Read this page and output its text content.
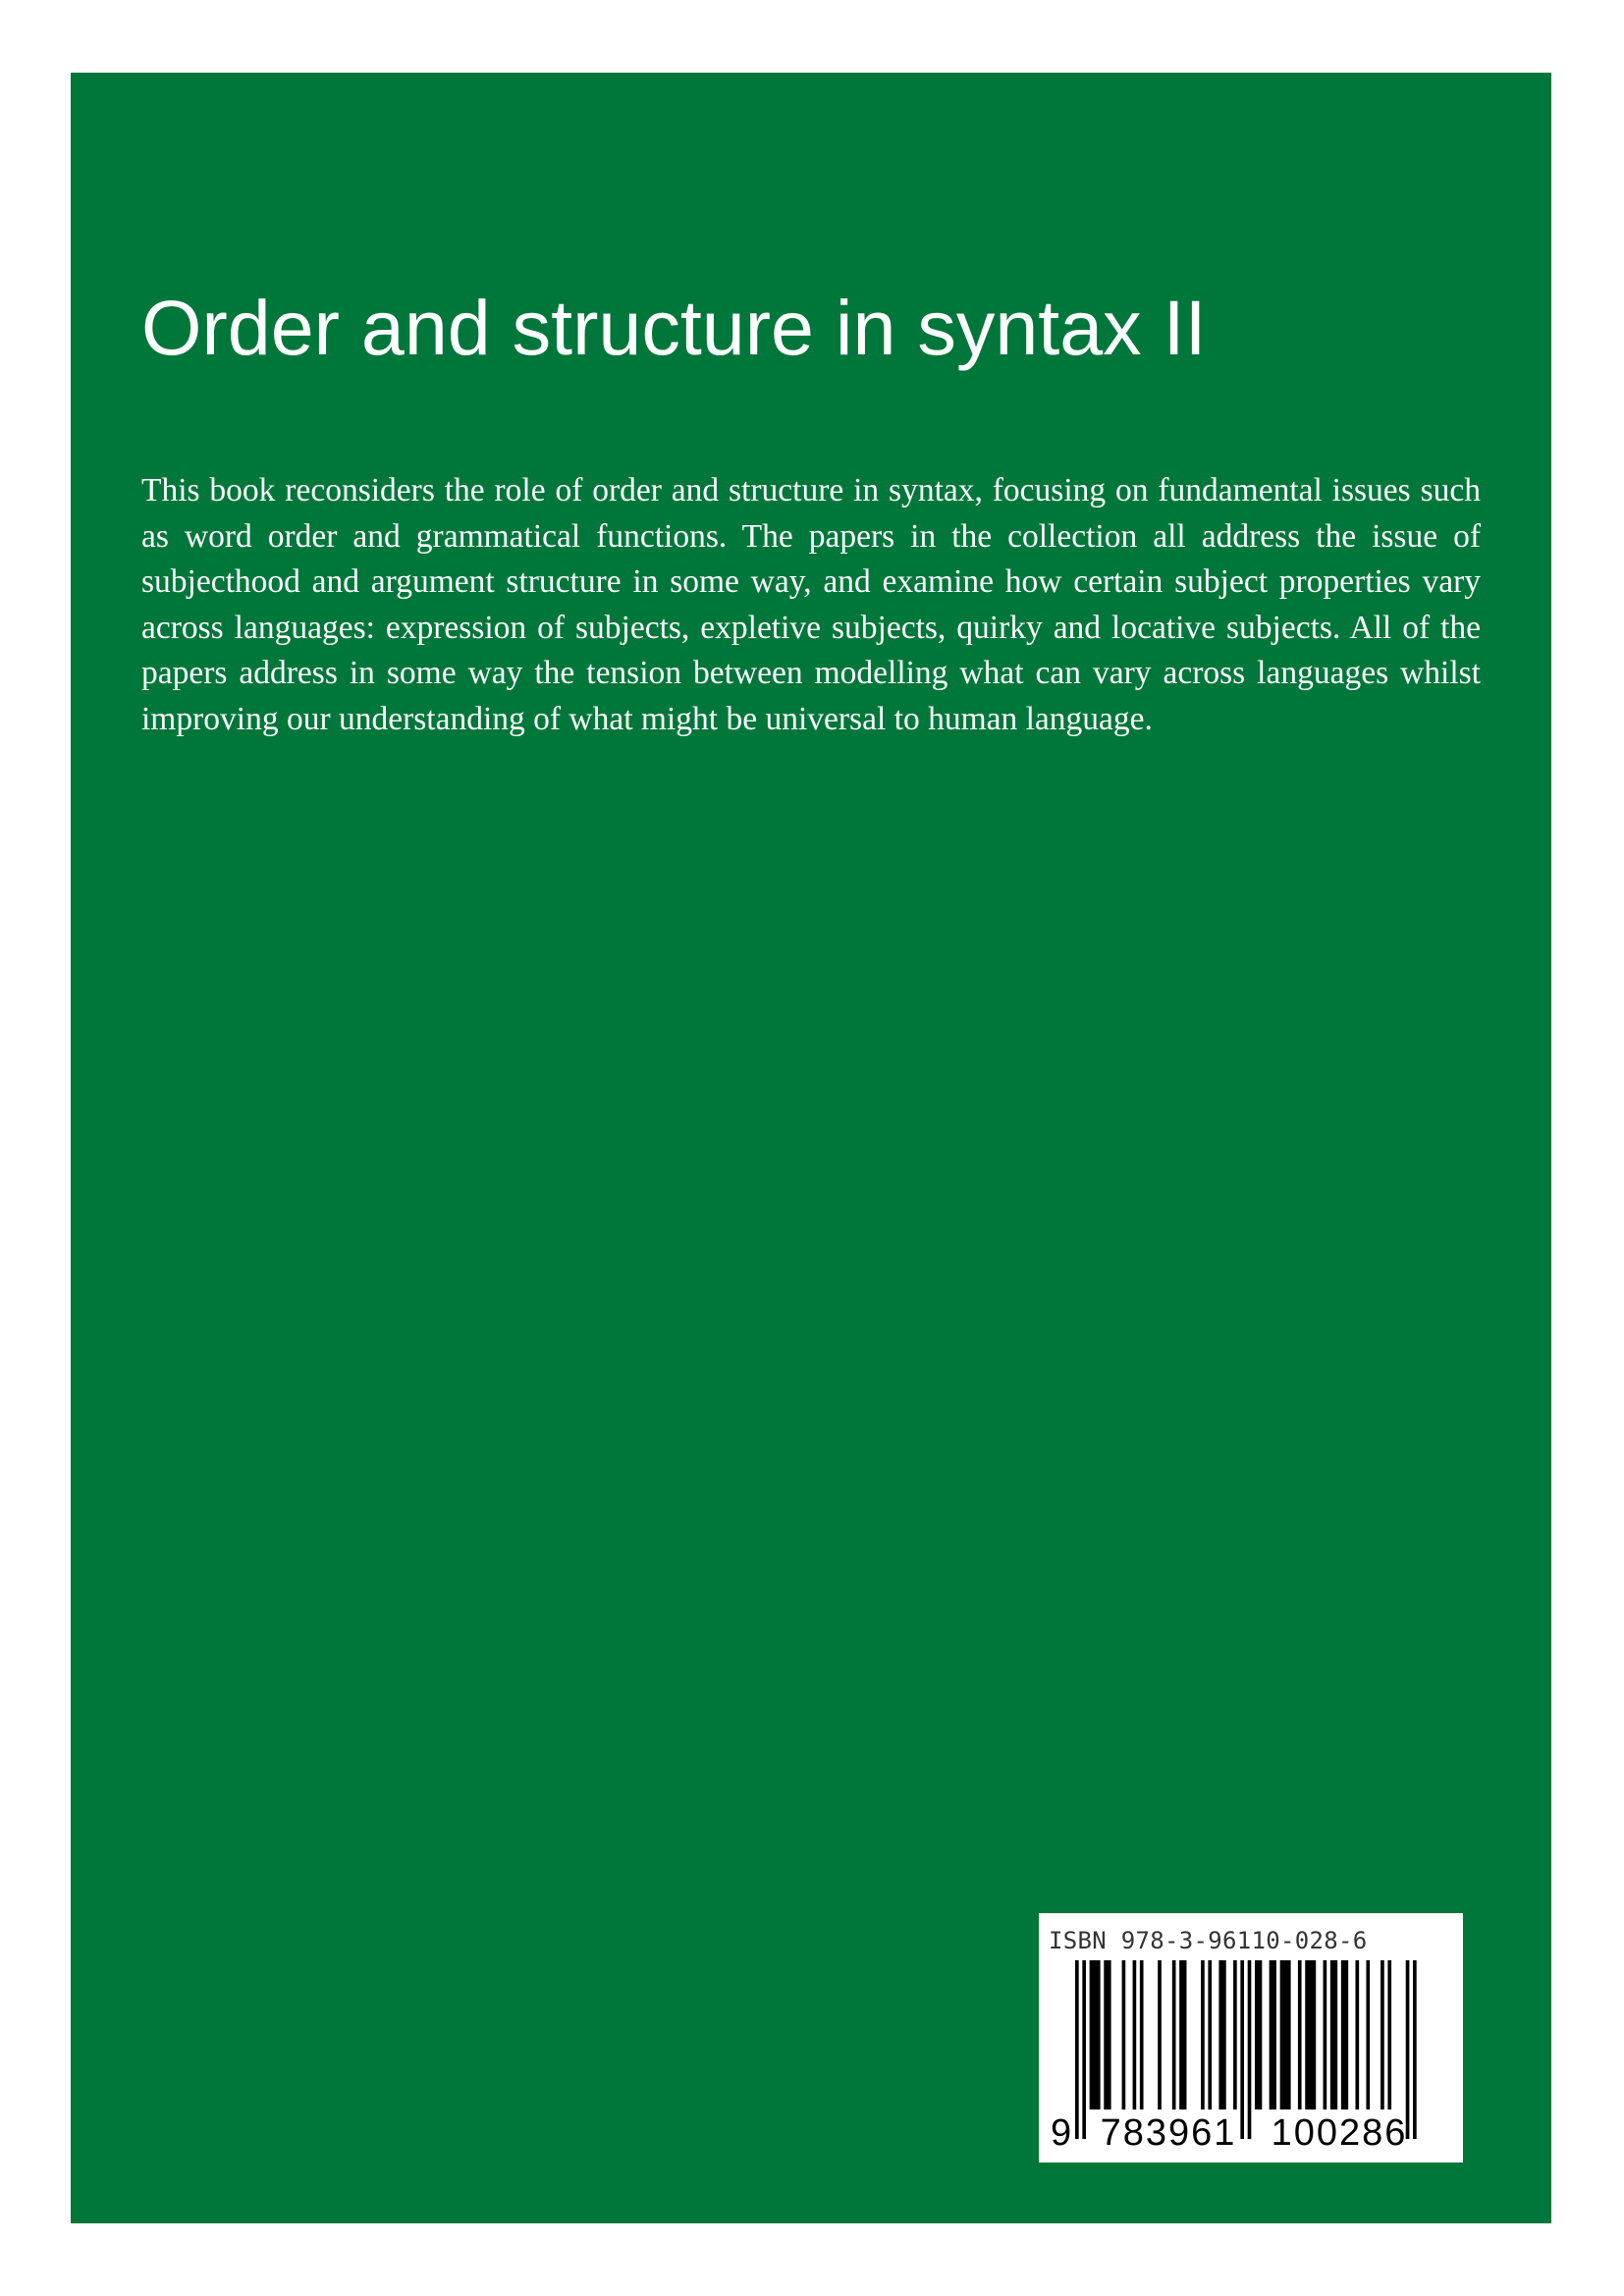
Order and structure in syntax II

This book reconsiders the role of order and structure in syntax, focusing on fundamental issues such as word order and grammatical functions. The papers in the collection all address the issue of subjecthood and argument structure in some way, and examine how certain subject properties vary across languages: expression of subjects, expletive subjects, quirky and locative subjects. All of the papers address in some way the tension between modelling what can vary across languages whilst improving our understanding of what might be universal to human language.

ISBN 978-3-96110-028-6
9 783961 100286
